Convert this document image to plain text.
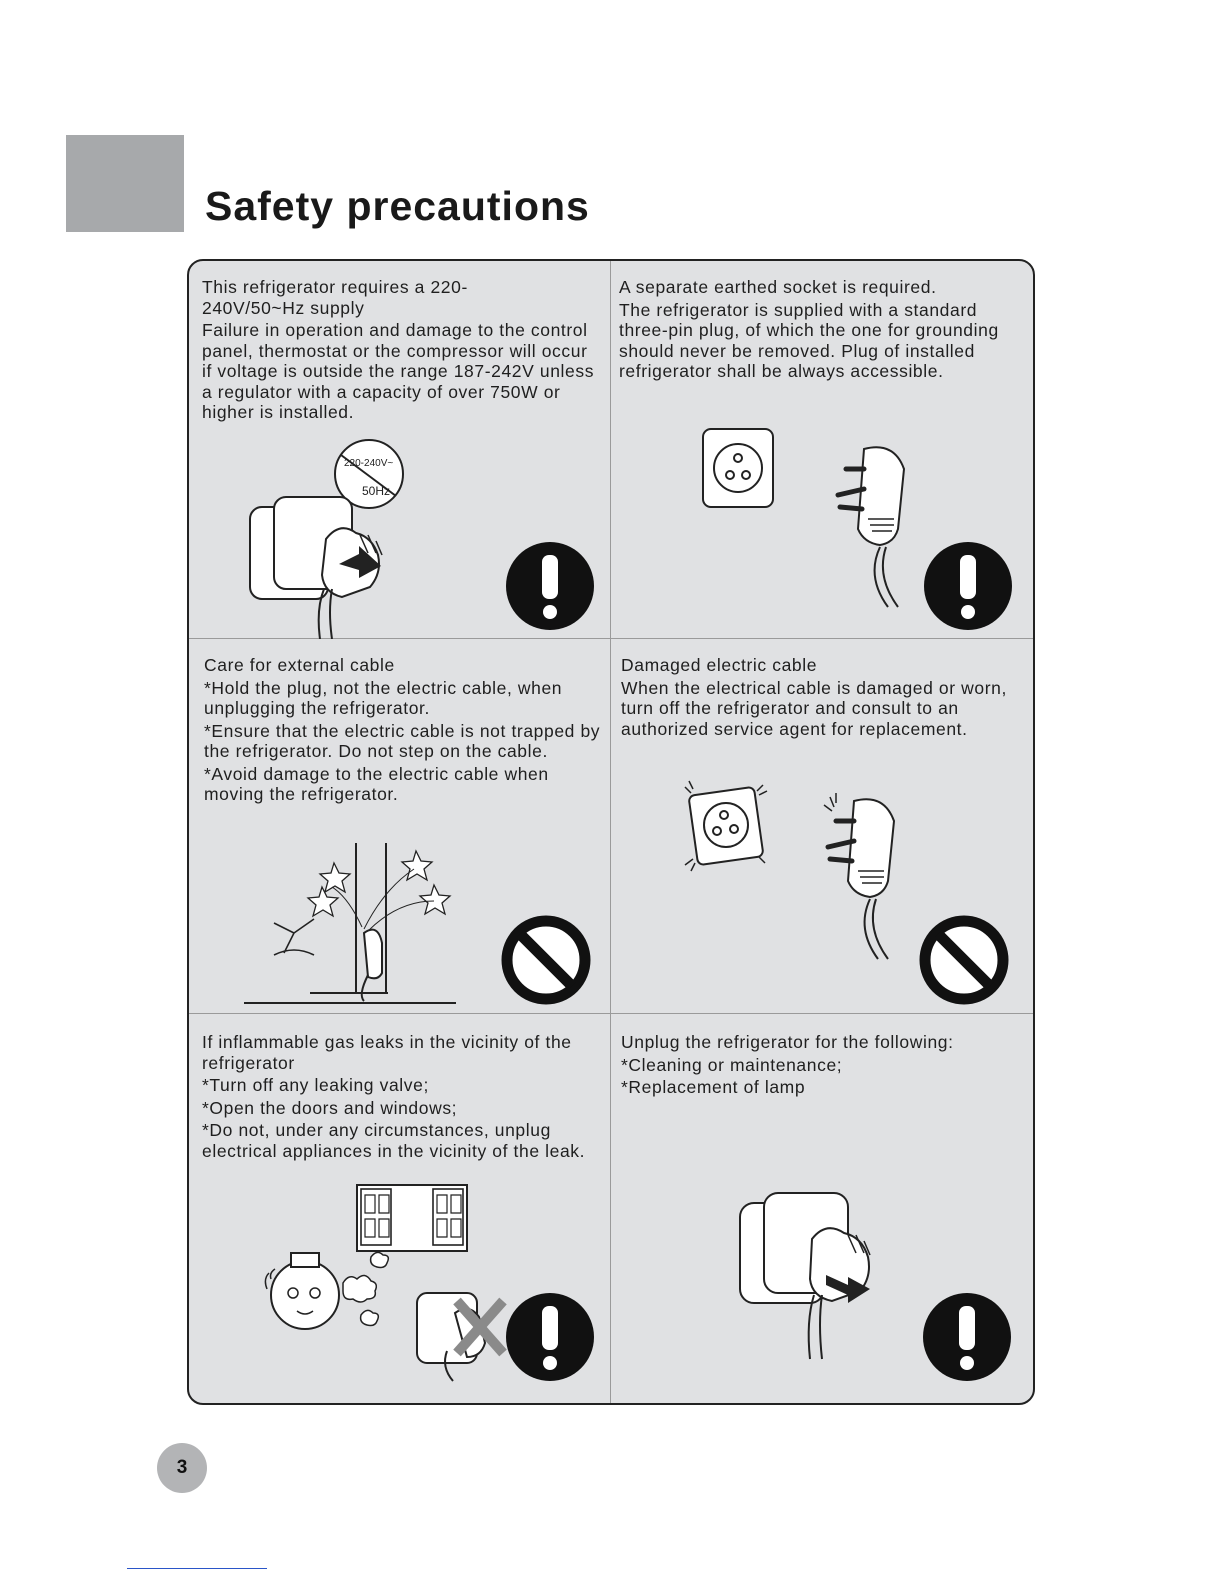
Safety precautions

This refrigerator requires a 220-
240V/50~Hz supply

Failure in operation and damage to the control panel, thermostat or the compressor will occur if voltage is outside the range 187-242V unless a regulator with a capacity of over 750W or higher is installed.

220-240V~
50Hz

A separate earthed socket is required.

The refrigerator is supplied with a standard three-pin plug, of which the one for grounding should never be removed. Plug of installed refrigerator shall be always accessible.

Care for external cable

*Hold the plug, not the electric cable, when unplugging the refrigerator.

*Ensure that the electric cable is not trapped by the refrigerator. Do not step on the cable.

*Avoid damage to the electric cable when moving the refrigerator.

Damaged electric cable

When the electrical cable is damaged or worn, turn off the refrigerator and consult to an authorized service agent for replacement.

If inflammable gas leaks in the vicinity of the refrigerator

*Turn off any leaking valve;

*Open the doors and windows;

*Do not, under any circumstances, unplug electrical appliances in the vicinity of the leak.

Unplug the refrigerator for the following:

*Cleaning or maintenance;

*Replacement of lamp

3
